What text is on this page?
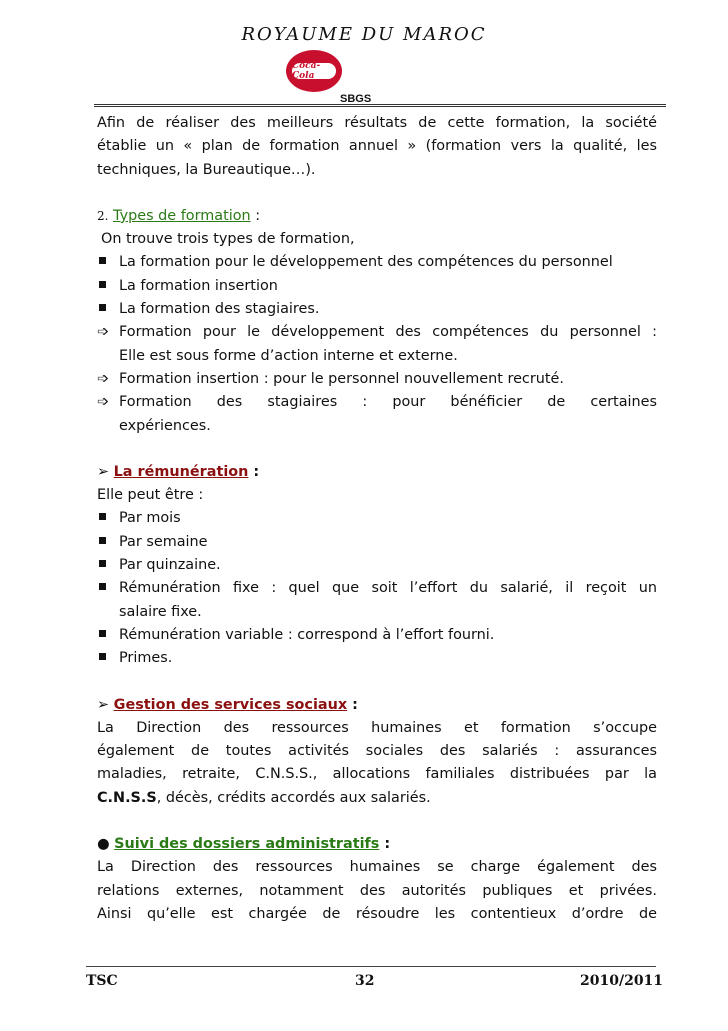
ROYAUME DU MAROC
Coca-Cola
SBGS

Afin de réaliser des meilleurs résultats de cette formation, la société

établie un « plan de formation annuel » (formation vers la qualité, les

techniques, la Bureautique…).

2. Types de formation :

On trouve trois types de formation,

La formation pour le développement des compétences du personnel
La formation insertion
La formation des stagiaires.
➩ Formation pour le développement des compétences du personnel :

Elle est sous forme d’action interne et externe.

➩ Formation insertion : pour le personnel nouvellement recruté.
➩ Formation des stagiaires : pour bénéficier de certaines

expériences.

➢ La rémunération :

Elle peut être :

Par mois
Par semaine
Par quinzaine.
Rémunération fixe : quel que soit l’effort du salarié, il reçoit un

salaire fixe.

Rémunération variable : correspond à l’effort fourni.
Primes.

➢ Gestion des services sociaux :

La Direction des ressources humaines et formation s’occupe

également de toutes activités sociales des salariés : assurances

maladies, retraite, C.N.S.S., allocations familiales distribuées par la

C.N.S.S, décès, crédits accordés aux salariés.

● Suivi des dossiers administratifs :

La Direction des ressources humaines se charge également des

relations externes, notamment des autorités publiques et privées.

Ainsi qu’elle est chargée de résoudre les contentieux d’ordre de

TSC	32	2010/2011
